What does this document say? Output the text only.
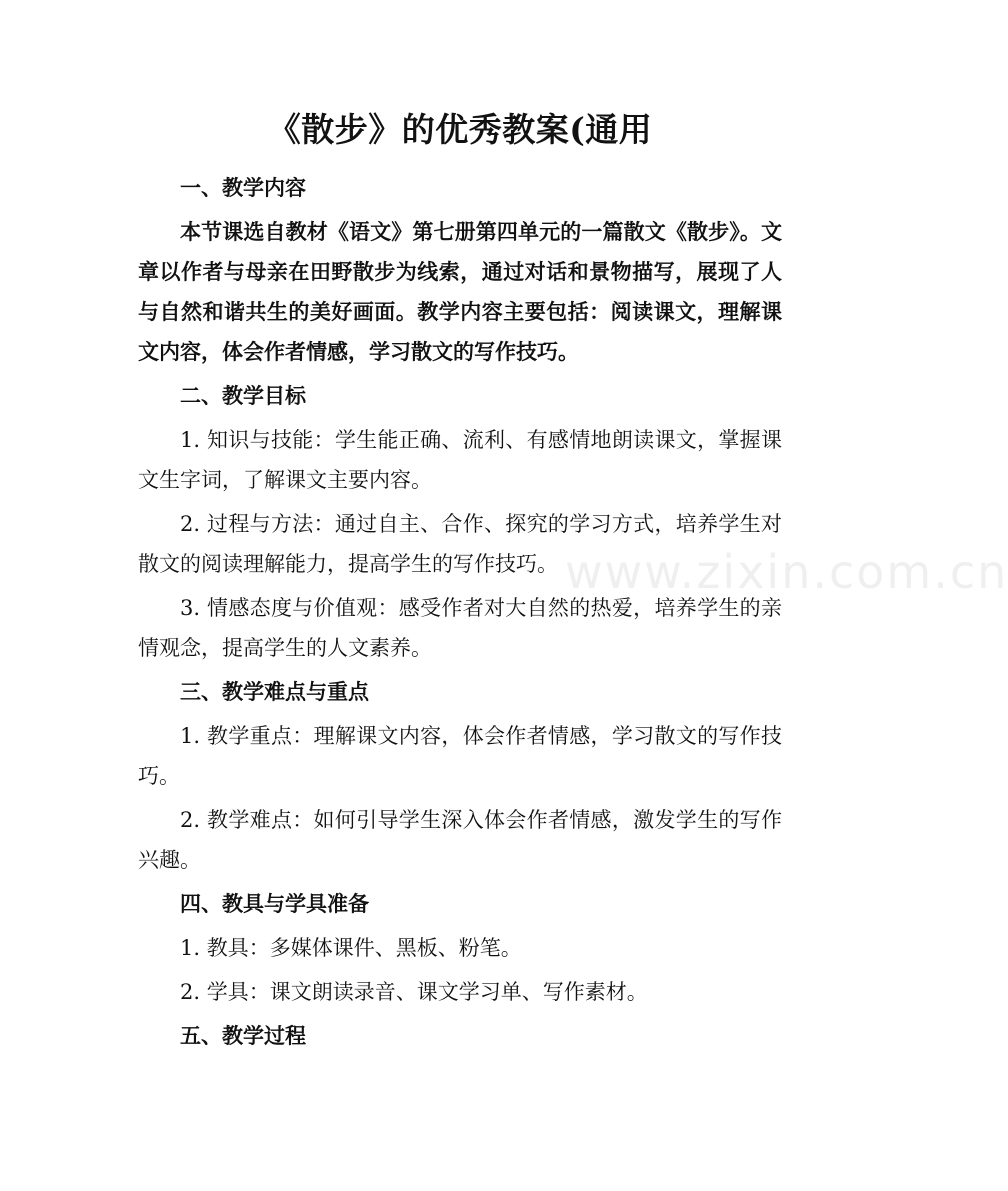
《散步》的优秀教案(通用

一、教学内容

本节课选自教材《语文》第七册第四单元的一篇散文《散步》。文章以作者与母亲在田野散步为线索，通过对话和景物描写，展现了人与自然和谐共生的美好画面。教学内容主要包括：阅读课文，理解课文内容，体会作者情感，学习散文的写作技巧。

二、教学目标

1. 知识与技能：学生能正确、流利、有感情地朗读课文，掌握课文生字词，了解课文主要内容。

2. 过程与方法：通过自主、合作、探究的学习方式，培养学生对散文的阅读理解能力，提高学生的写作技巧。

3. 情感态度与价值观：感受作者对大自然的热爱，培养学生的亲情观念，提高学生的人文素养。

三、教学难点与重点

1. 教学重点：理解课文内容，体会作者情感，学习散文的写作技巧。

2. 教学难点：如何引导学生深入体会作者情感，激发学生的写作兴趣。

四、教具与学具准备

1. 教具：多媒体课件、黑板、粉笔。

2. 学具：课文朗读录音、课文学习单、写作素材。

五、教学过程

www.zixin.com.cn
